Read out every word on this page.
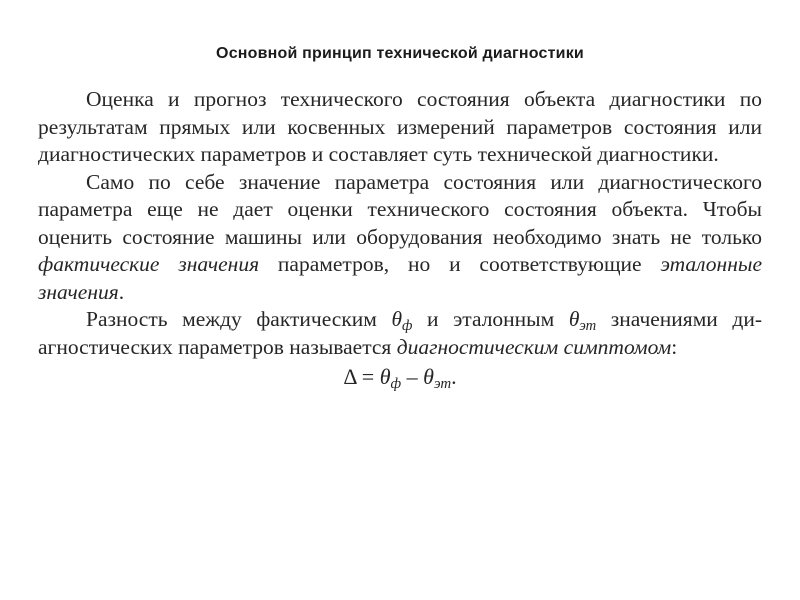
Основной принцип технической диагностики

Оценка и прогноз технического состояния объекта диагностики по результатам прямых или косвенных измерений параметров состояния или диагностических параметров и составляет суть технической диагностики.

Само по себе значение параметра состояния или диагностического параметра еще не дает оценки технического состояния объекта. Чтобы оценить состояние машины или оборудования необходимо знать не только фактические значения параметров, но и соответствующие эталонные значения.

Разность между фактическим $\theta_ф$ и эталонным $\theta_{эт}$ значениями диагностических параметров называется диагностическим симптомом:

$\Delta = \theta_ф - \theta_{эт}$.
